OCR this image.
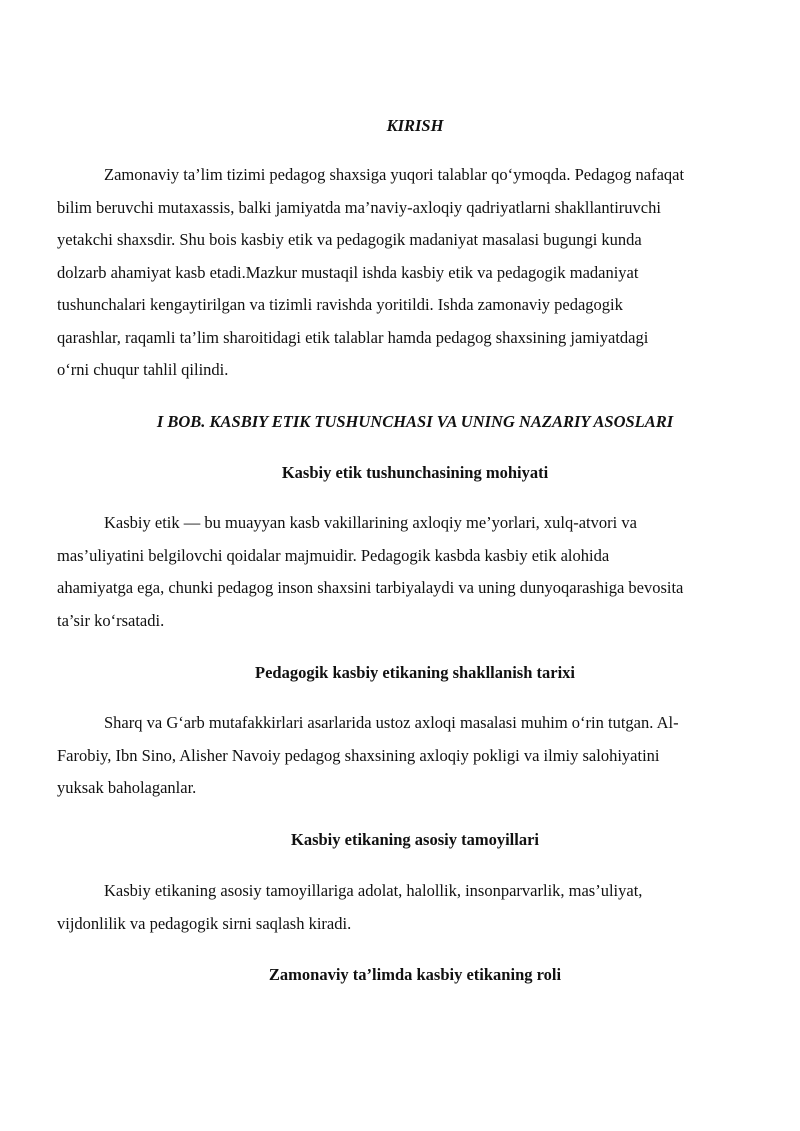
KIRISH
Zamonaviy ta’lim tizimi pedagog shaxsiga yuqori talablar qo‘ymoqda. Pedagog nafaqat
bilim beruvchi mutaxassis, balki jamiyatda ma’naviy-axloqiy qadriyatlarni shakllantiruvchi
yetakchi shaxsdir. Shu bois kasbiy etik va pedagogik madaniyat masalasi bugungi kunda
dolzarb ahamiyat kasb etadi.Mazkur mustaqil ishda kasbiy etik va pedagogik madaniyat
tushunchalari kengaytirilgan va tizimli ravishda yoritildi. Ishda zamonaviy pedagogik
qarashlar, raqamli ta’lim sharoitidagi etik talablar hamda pedagog shaxsining jamiyatdagi
o‘rni chuqur tahlil qilindi.
I BOB. KASBIY ETIK TUSHUNCHASI VA UNING NAZARIY ASOSLARI
Kasbiy etik tushunchasining mohiyati
Kasbiy etik — bu muayyan kasb vakillarining axloqiy me’yorlari, xulq-atvori va
mas’uliyatini belgilovchi qoidalar majmuidir. Pedagogik kasbda kasbiy etik alohida
ahamiyatga ega, chunki pedagog inson shaxsini tarbiyalaydi va uning dunyoqarashiga bevosita
ta’sir ko‘rsatadi.
Pedagogik kasbiy etikaning shakllanish tarixi
Sharq va G‘arb mutafakkirlari asarlarida ustoz axloqi masalasi muhim o‘rin tutgan. Al-
Farobiy, Ibn Sino, Alisher Navoiy pedagog shaxsining axloqiy pokligi va ilmiy salohiyatini
yuksak baholaganlar.
Kasbiy etikaning asosiy tamoyillari
Kasbiy etikaning asosiy tamoyillariga adolat, halollik, insonparvarlik, mas’uliyat,
vijdonlilik va pedagogik sirni saqlash kiradi.
Zamonaviy ta’limda kasbiy etikaning roli
